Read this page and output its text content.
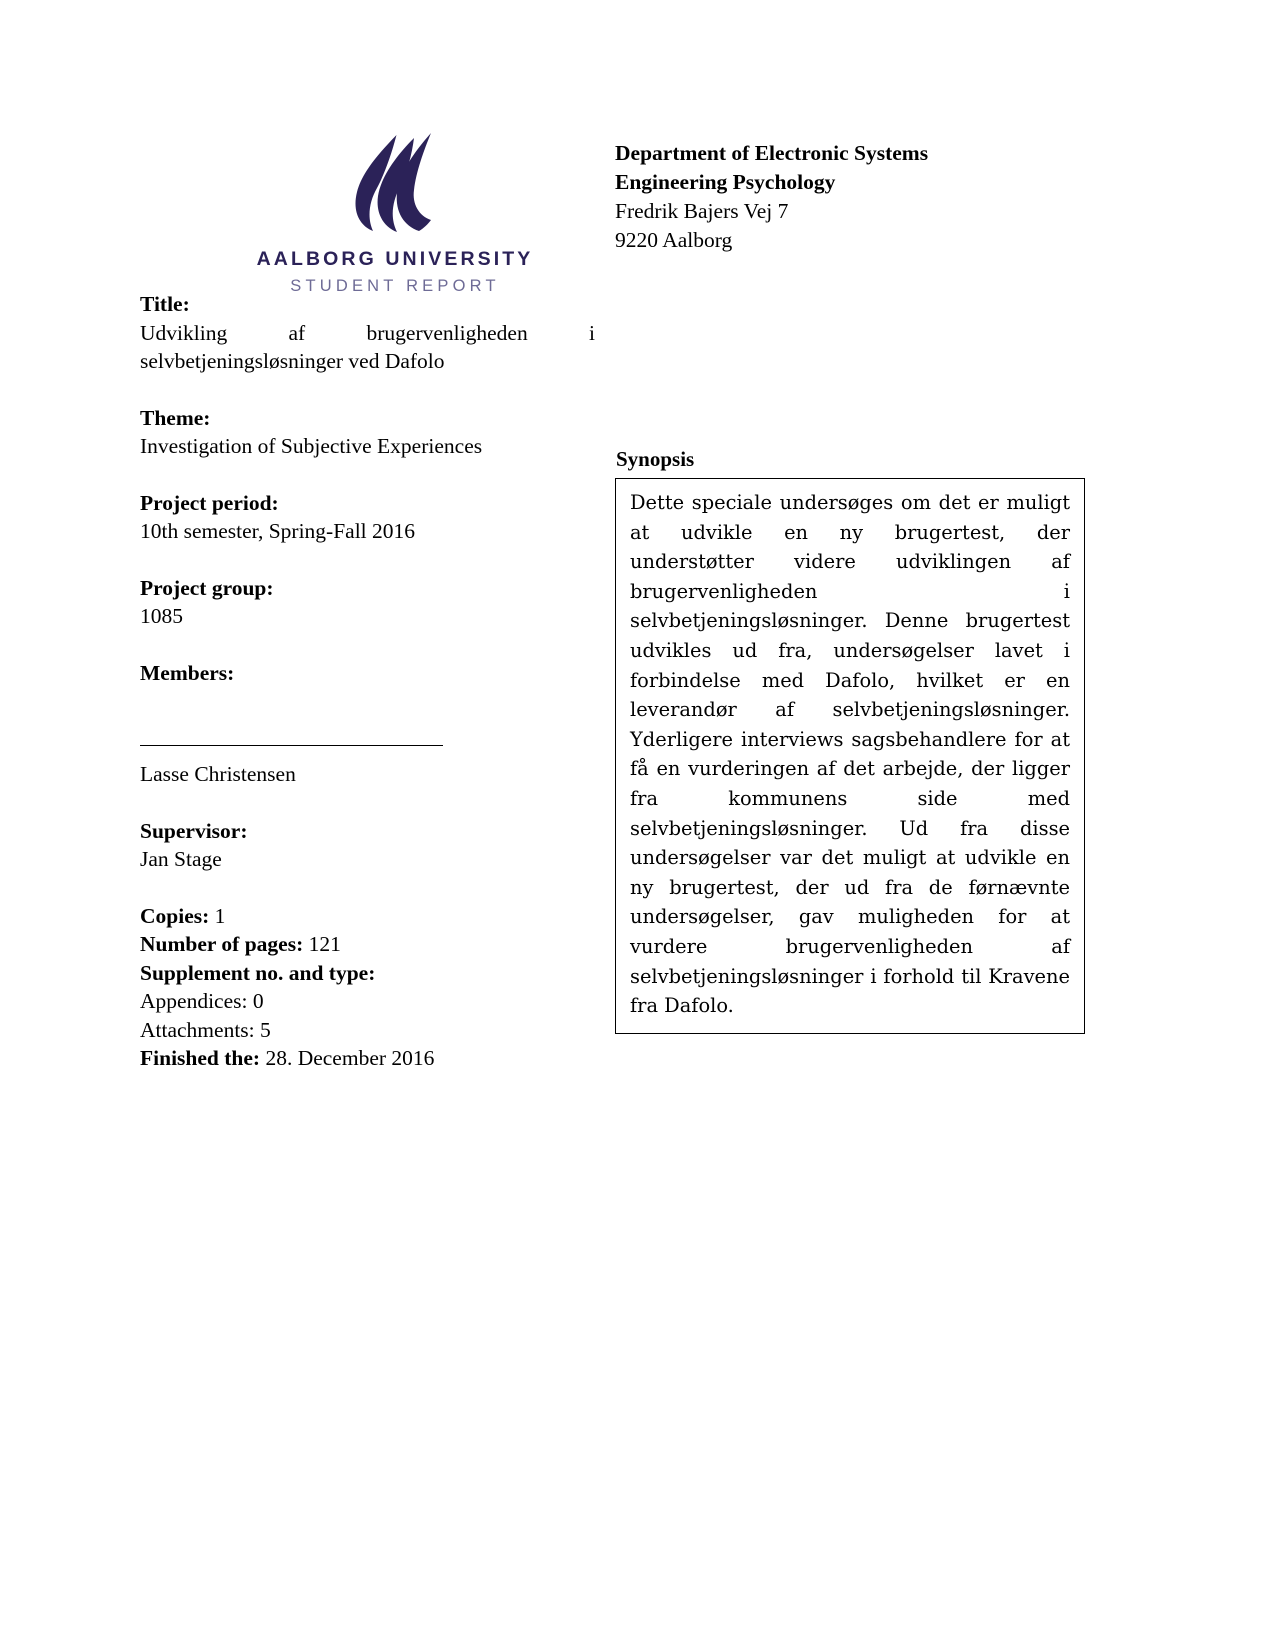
AALBORG UNIVERSITY
STUDENT REPORT
Department of Electronic Systems
Engineering Psychology
Fredrik Bajers Vej 7
9220 Aalborg
Title:
Udvikling af brugervenligheden i selvbetjeningsløsninger ved Dafolo
Theme:
Investigation of Subjective Experiences
Project period:
10th semester, Spring-Fall 2016
Project group:
1085
Members:
Lasse Christensen
Supervisor:
Jan Stage
Copies: 1
Number of pages: 121
Supplement no. and type:
Appendices: 0
Attachments: 5
Finished the: 28. December 2016
Synopsis
Dette speciale undersøges om det er muligt at udvikle en ny brugertest, der understøtter videre udviklingen af brugervenligheden i selvbetjeningsløsninger. Denne brugertest udvikles ud fra, undersøgelser lavet i forbindelse med Dafolo, hvilket er en leverandør af selvbetjeningsløsninger. Yderligere interviews sagsbehandlere for at få en vurderingen af det arbejde, der ligger fra kommunens side med selvbetjeningsløsninger. Ud fra disse undersøgelser var det muligt at udvikle en ny brugertest, der ud fra de førnævnte undersøgelser, gav muligheden for at vurdere brugervenligheden af selvbetjeningsløsninger i forhold til Kravene fra Dafolo.
